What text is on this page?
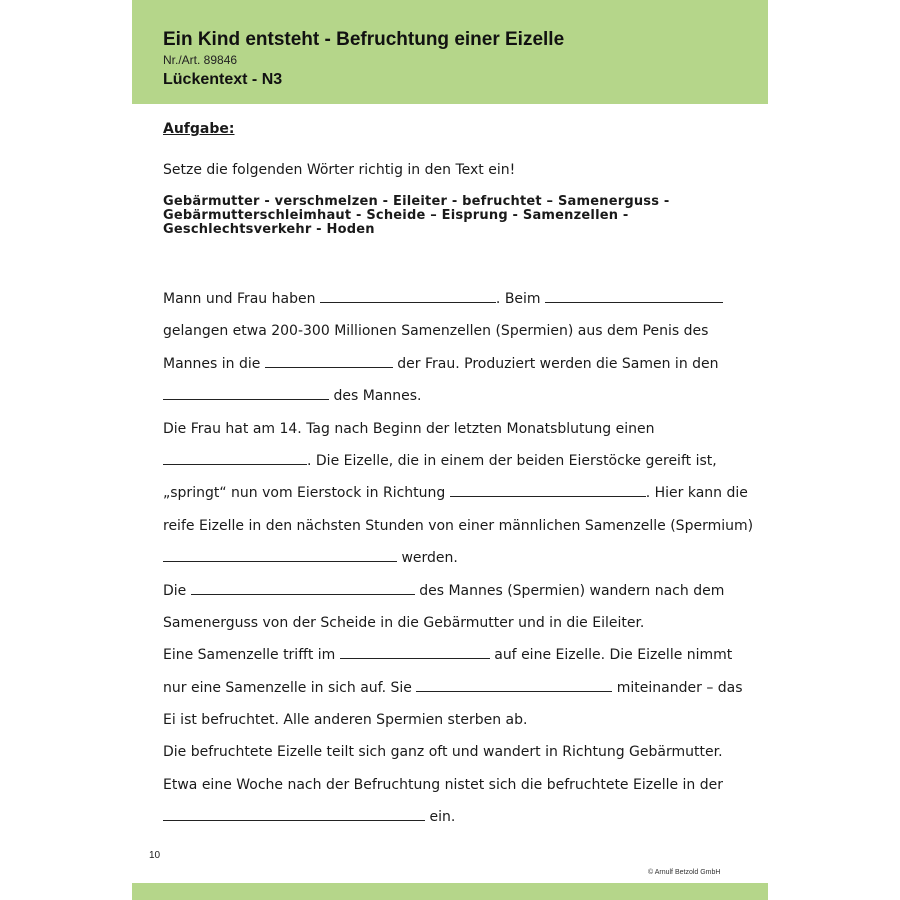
Ein Kind entsteht - Befruchtung einer Eizelle
Nr./Art. 89846
Lückentext - N3
Aufgabe:
Setze die folgenden Wörter richtig in den Text ein!
Gebärmutter - verschmelzen - Eileiter - befruchtet – Samenerguss -
Gebärmutterschleimhaut - Scheide – Eisprung - Samenzellen -
Geschlechtsverkehr - Hoden
Mann und Frau haben	. Beim
gelangen etwa 200-300 Millionen Samenzellen (Spermien) aus dem Penis des
Mannes in die	der Frau. Produziert werden die Samen in den
des Mannes.
Die Frau hat am 14. Tag nach Beginn der letzten Monatsblutung einen
. Die Eizelle, die in einem der beiden Eierstöcke gereift ist,
„springt“ nun vom Eierstock in Richtung	. Hier kann die
reife Eizelle in den nächsten Stunden von einer männlichen Samenzelle (Spermium)
werden.
Die	des Mannes (Spermien) wandern nach dem
Samenerguss von der Scheide in die Gebärmutter und in die Eileiter.
Eine Samenzelle trifft im	auf eine Eizelle. Die Eizelle nimmt
nur eine Samenzelle in sich auf. Sie	miteinander – das
Ei ist befruchtet. Alle anderen Spermien sterben ab.
Die befruchtete Eizelle teilt sich ganz oft und wandert in Richtung Gebärmutter.
Etwa eine Woche nach der Befruchtung nistet sich die befruchtete Eizelle in der
ein.
10
© Arnulf Betzold GmbH
